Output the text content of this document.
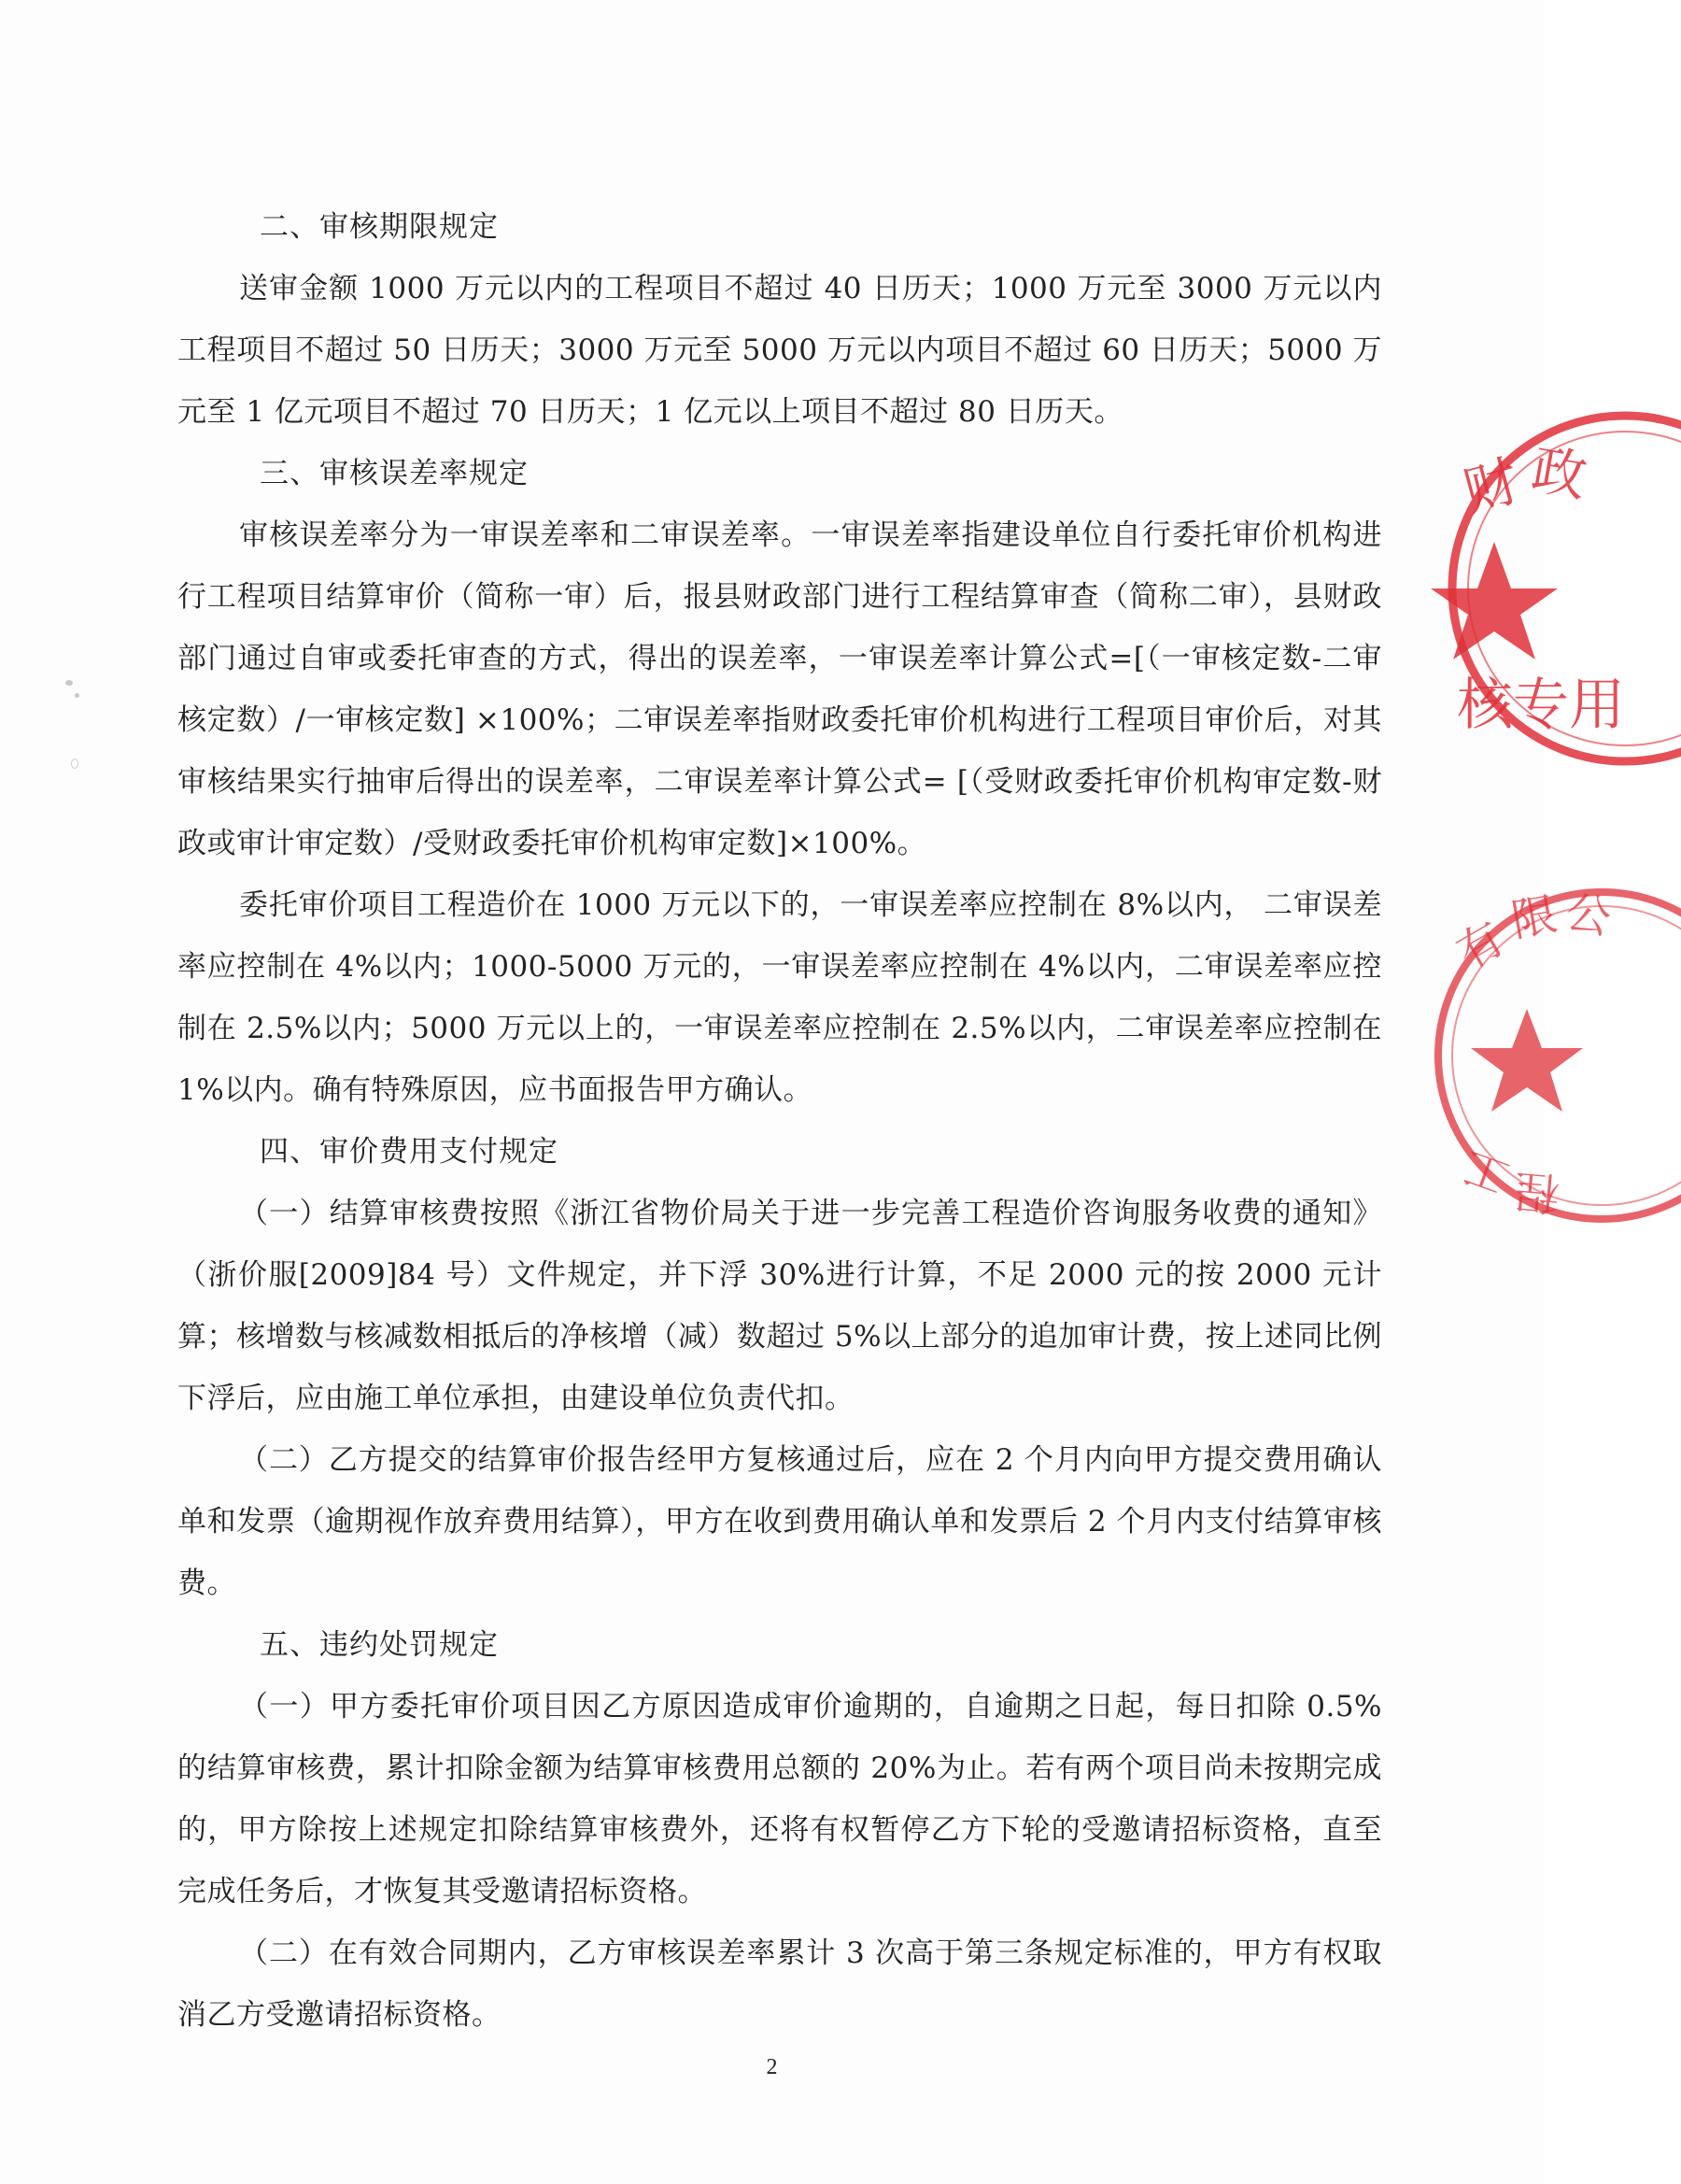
二、审核期限规定

送审金额 1000 万元以内的工程项目不超过 40 日历天；1000 万元至 3000 万元以内工程项目不超过 50 日历天；3000 万元至 5000 万元以内项目不超过 60 日历天；5000 万元至 1 亿元项目不超过 70 日历天；1 亿元以上项目不超过 80 日历天。

三、审核误差率规定

审核误差率分为一审误差率和二审误差率。一审误差率指建设单位自行委托审价机构进行工程项目结算审价（简称一审）后，报县财政部门进行工程结算审查（简称二审），县财政部门通过自审或委托审查的方式，得出的误差率，一审误差率计算公式=[（一审核定数-二审核定数）/一审核定数] ×100%；二审误差率指财政委托审价机构进行工程项目审价后，对其审核结果实行抽审后得出的误差率，二审误差率计算公式= [（受财政委托审价机构审定数-财政或审计审定数）/受财政委托审价机构审定数]×100%。

委托审价项目工程造价在 1000 万元以下的，一审误差率应控制在 8%以内， 二审误差率应控制在 4%以内；1000-5000 万元的，一审误差率应控制在 4%以内，二审误差率应控制在 2.5%以内；5000 万元以上的，一审误差率应控制在 2.5%以内，二审误差率应控制在 1%以内。确有特殊原因，应书面报告甲方确认。

四、审价费用支付规定

（一）结算审核费按照《浙江省物价局关于进一步完善工程造价咨询服务收费的通知》（浙价服[2009]84 号）文件规定，并下浮 30%进行计算，不足 2000 元的按 2000 元计算；核增数与核减数相抵后的净核增（减）数超过 5%以上部分的追加审计费，按上述同比例下浮后，应由施工单位承担，由建设单位负责代扣。

（二）乙方提交的结算审价报告经甲方复核通过后，应在 2 个月内向甲方提交费用确认单和发票（逾期视作放弃费用结算），甲方在收到费用确认单和发票后 2 个月内支付结算审核费。

五、违约处罚规定

（一）甲方委托审价项目因乙方原因造成审价逾期的，自逾期之日起，每日扣除 0.5%的结算审核费，累计扣除金额为结算审核费用总额的 20%为止。若有两个项目尚未按期完成的，甲方除按上述规定扣除结算审核费外，还将有权暂停乙方下轮的受邀请招标资格，直至完成任务后，才恢复其受邀请招标资格。

（二）在有效合同期内，乙方审核误差率累计 3 次高于第三条规定标准的，甲方有权取消乙方受邀请招标资格。

2
财 政
核 专 用
有
限 公
工
程
